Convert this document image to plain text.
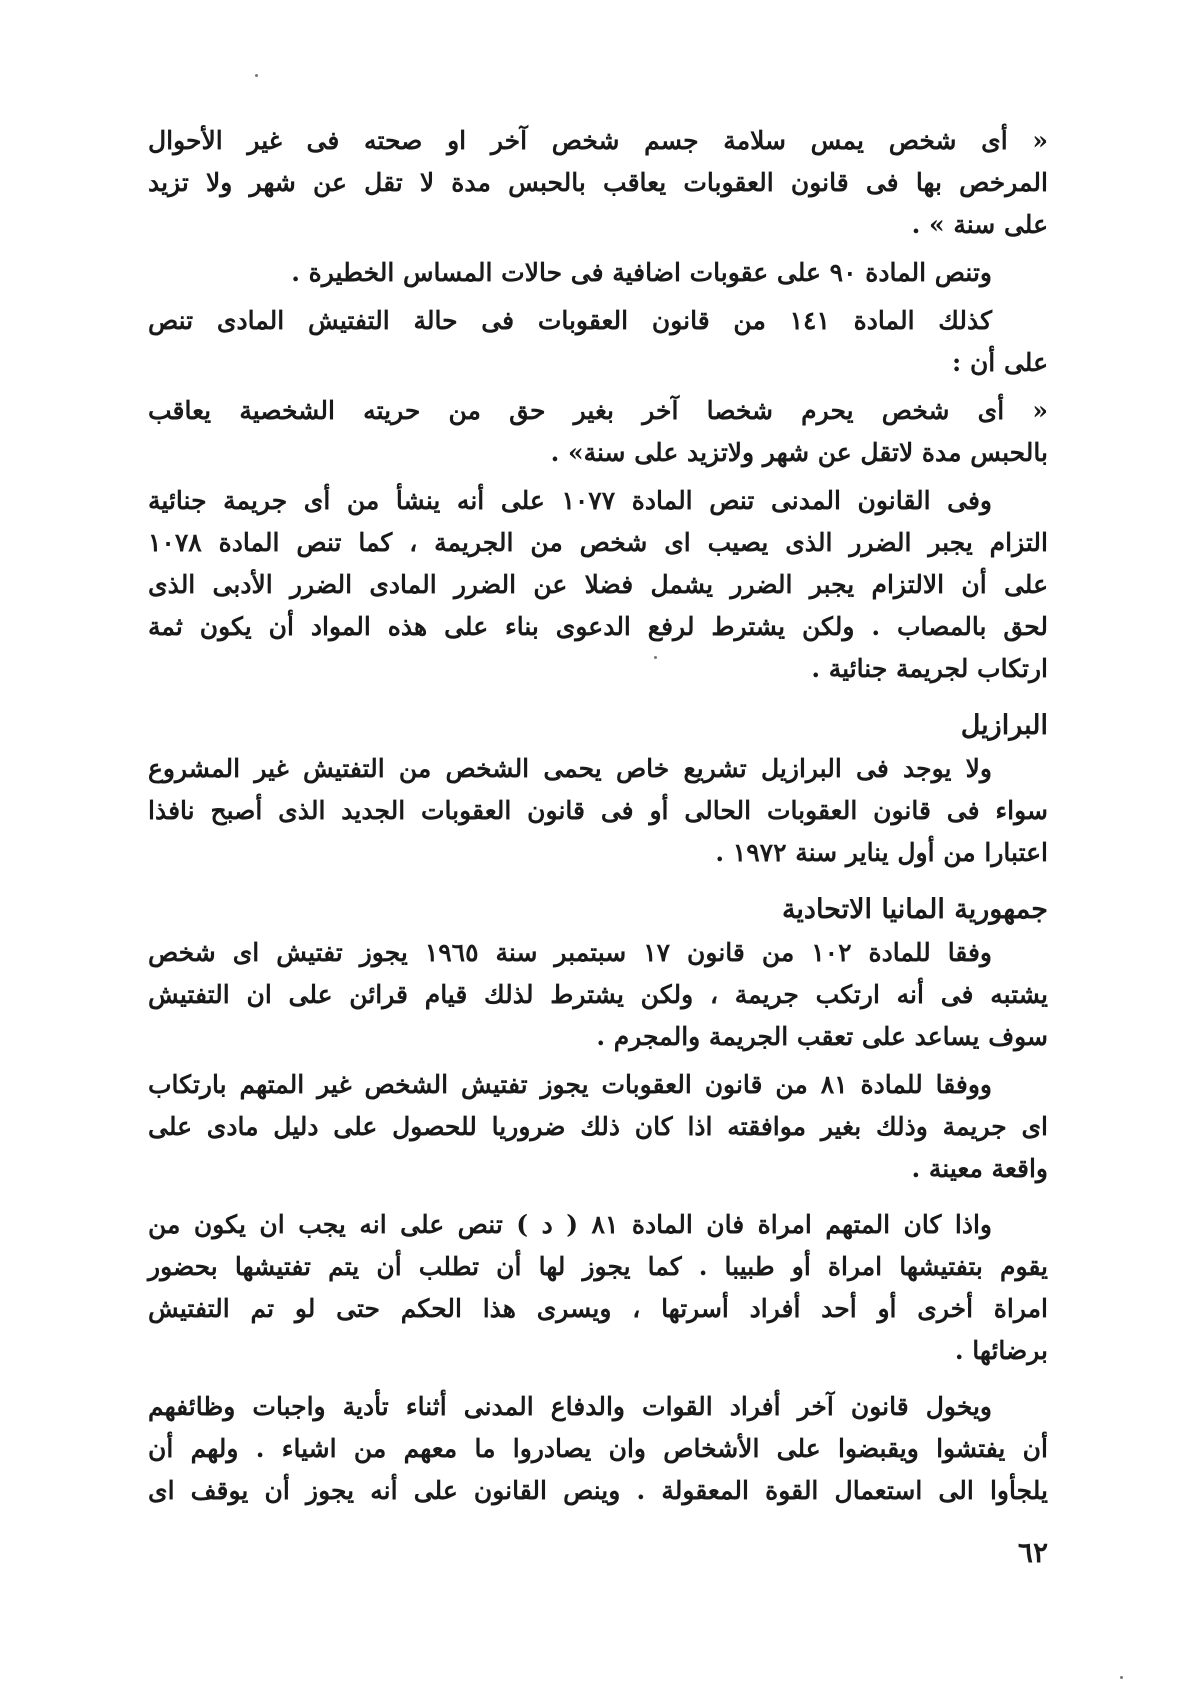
« أى شخص يمس سلامة جسم شخص آخر او صحته فى غير الأحوال
المرخص بها فى قانون العقوبات يعاقب بالحبس مدة لا تقل عن شهر ولا تزيد
على سنة » .
وتنص المادة ٩٠ على عقوبات اضافية فى حالات المساس الخطيرة .
كذلك المادة ١٤١ من قانون العقوبات فى حالة التفتيش المادى تنص
على أن :
« أى شخص يحرم شخصا آخر بغير حق من حريته الشخصية يعاقب
بالحبس مدة لاتقل عن شهر ولاتزيد على سنة» .
وفى القانون المدنى تنص المادة ١٠٧٧ على أنه ينشأ من أى جريمة جنائية
التزام يجبر الضرر الذى يصيب اى شخص من الجريمة ، كما تنص المادة ١٠٧٨
على أن الالتزام يجبر الضرر يشمل فضلا عن الضرر المادى الضرر الأدبى الذى
لحق بالمصاب . ولكن يشترط لرفع الدعوى بناء على هذه المواد أن يكون ثمة
ارتكاب لجريمة جنائية .
البرازيل
ولا يوجد فى البرازيل تشريع خاص يحمى الشخص من التفتيش غير المشروع
سواء فى قانون العقوبات الحالى أو فى قانون العقوبات الجديد الذى أصبح نافذا
اعتبارا من أول يناير سنة ١٩٧٢ .
جمهورية المانيا الاتحادية
وفقا للمادة ١٠٢ من قانون ١٧ سبتمبر سنة ١٩٦٥ يجوز تفتيش اى شخص
يشتبه فى أنه ارتكب جريمة ، ولكن يشترط لذلك قيام قرائن على ان التفتيش
سوف يساعد على تعقب الجريمة والمجرم .
ووفقا للمادة ٨١ من قانون العقوبات يجوز تفتيش الشخص غير المتهم بارتكاب
اى جريمة وذلك بغير موافقته اذا كان ذلك ضروريا للحصول على دليل مادى على
واقعة معينة .
واذا كان المتهم امراة فان المادة ٨١ ( د ) تنص على انه يجب ان يكون من
يقوم بتفتيشها امراة أو طبيبا . كما يجوز لها أن تطلب أن يتم تفتيشها بحضور
امراة أخرى أو أحد أفراد أسرتها ، ويسرى هذا الحكم حتى لو تم التفتيش
برضائها .
ويخول قانون آخر أفراد القوات والدفاع المدنى أثناء تأدية واجبات وظائفهم
أن يفتشوا ويقبضوا على الأشخاص وان يصادروا ما معهم من اشياء . ولهم أن
يلجأوا الى استعمال القوة المعقولة . وينص القانون على أنه يجوز أن يوقف اى
٦٢
